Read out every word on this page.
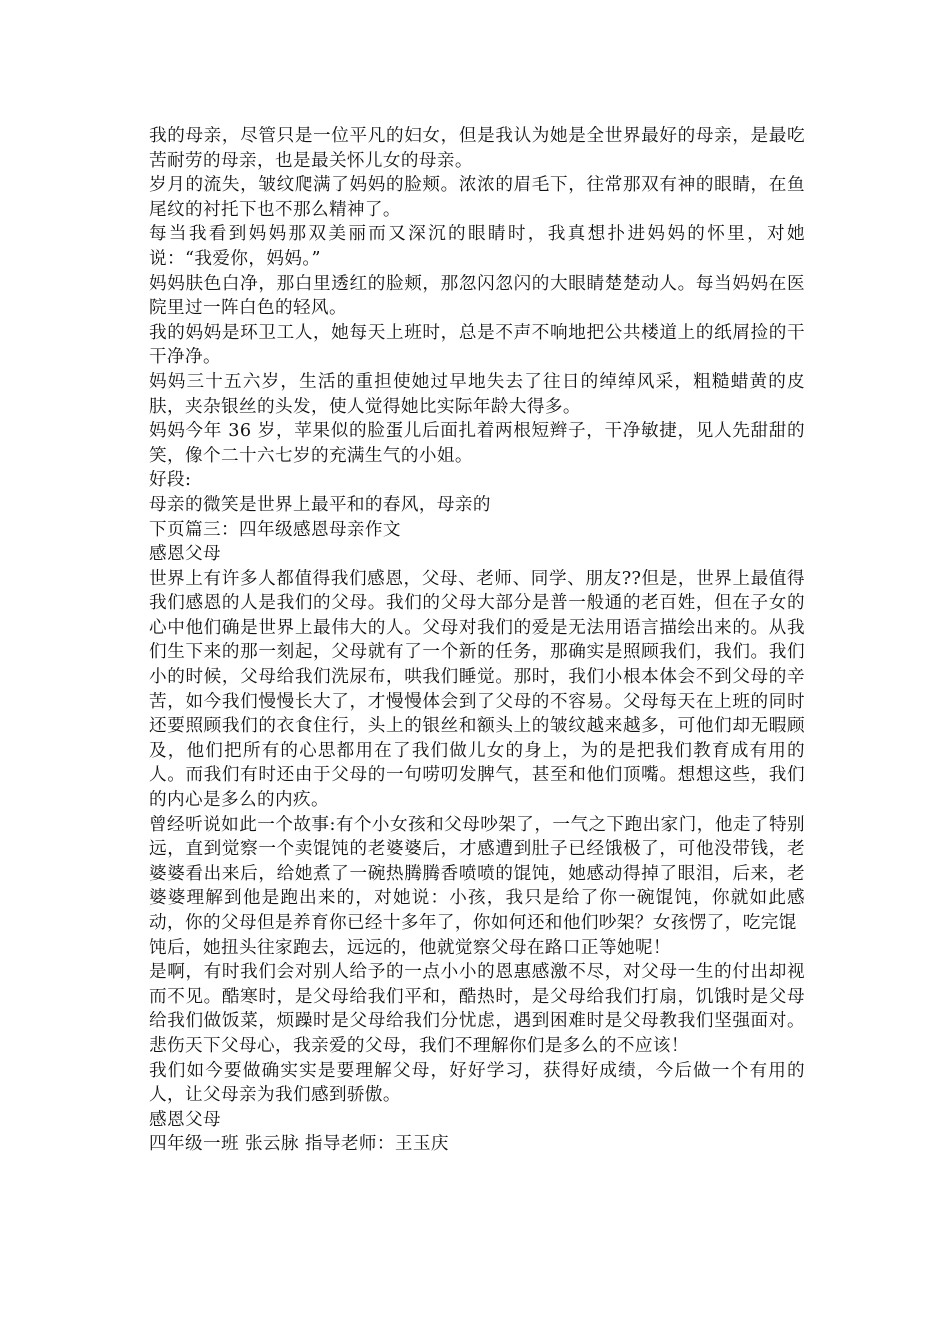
我的母亲，尽管只是一位平凡的妇女，但是我认为她是全世界最好的母亲，是最吃苦耐劳的母亲，也是最关怀儿女的母亲。

岁月的流失，皱纹爬满了妈妈的脸颊。浓浓的眉毛下，往常那双有神的眼睛，在鱼尾纹的衬托下也不那么精神了。

每当我看到妈妈那双美丽而又深沉的眼睛时，我真想扑进妈妈的怀里，对她说：“我爱你，妈妈。”

妈妈肤色白净，那白里透红的脸颊，那忽闪忽闪的大眼睛楚楚动人。每当妈妈在医院里过一阵白色的轻风。

我的妈妈是环卫工人，她每天上班时，总是不声不响地把公共楼道上的纸屑捡的干干净净。

妈妈三十五六岁，生活的重担使她过早地失去了往日的绰绰风采，粗糙蜡黄的皮肤，夹杂银丝的头发，使人觉得她比实际年龄大得多。

妈妈今年 36 岁，苹果似的脸蛋儿后面扎着两根短辫子，干净敏捷，见人先甜甜的笑，像个二十六七岁的充满生气的小姐。

好段:

母亲的微笑是世界上最平和的春风，母亲的

下页篇三：四年级感恩母亲作文

感恩父母

世界上有许多人都值得我们感恩，父母、老师、同学、朋友??但是，世界上最值得我们感恩的人是我们的父母。我们的父母大部分是普一般通的老百姓，但在子女的心中他们确是世界上最伟大的人。父母对我们的爱是无法用语言描绘出来的。从我们生下来的那一刻起，父母就有了一个新的任务，那确实是照顾我们，我们。我们小的时候，父母给我们洗尿布，哄我们睡觉。那时，我们小根本体会不到父母的辛苦，如今我们慢慢长大了，才慢慢体会到了父母的不容易。父母每天在上班的同时还要照顾我们的衣食住行，头上的银丝和额头上的皱纹越来越多，可他们却无暇顾及，他们把所有的心思都用在了我们做儿女的身上，为的是把我们教育成有用的人。而我们有时还由于父母的一句唠叨发脾气，甚至和他们顶嘴。想想这些，我们的内心是多么的内疚。

曾经听说如此一个故事:有个小女孩和父母吵架了，一气之下跑出家门，他走了特别远，直到觉察一个卖馄饨的老婆婆后，才感遭到肚子已经饿极了，可他没带钱，老婆婆看出来后，给她煮了一碗热腾腾香喷喷的馄饨，她感动得掉了眼泪，后来，老婆婆理解到他是跑出来的，对她说：小孩，我只是给了你一碗馄饨，你就如此感动，你的父母但是养育你已经十多年了，你如何还和他们吵架？女孩愣了，吃完馄

饨后，她扭头往家跑去，远远的，他就觉察父母在路口正等她呢！

是啊，有时我们会对别人给予的一点小小的恩惠感激不尽，对父母一生的付出却视而不见。酷寒时，是父母给我们平和，酷热时，是父母给我们打扇，饥饿时是父母给我们做饭菜，烦躁时是父母给我们分忧虑，遇到困难时是父母教我们坚强面对。悲伤天下父母心，我亲爱的父母，我们不理解你们是多么的不应该！

我们如今要做确实实是要理解父母，好好学习，获得好成绩，今后做一个有用的人，让父母亲为我们感到骄傲。

感恩父母

四年级一班 张云脉 指导老师：王玉庆
